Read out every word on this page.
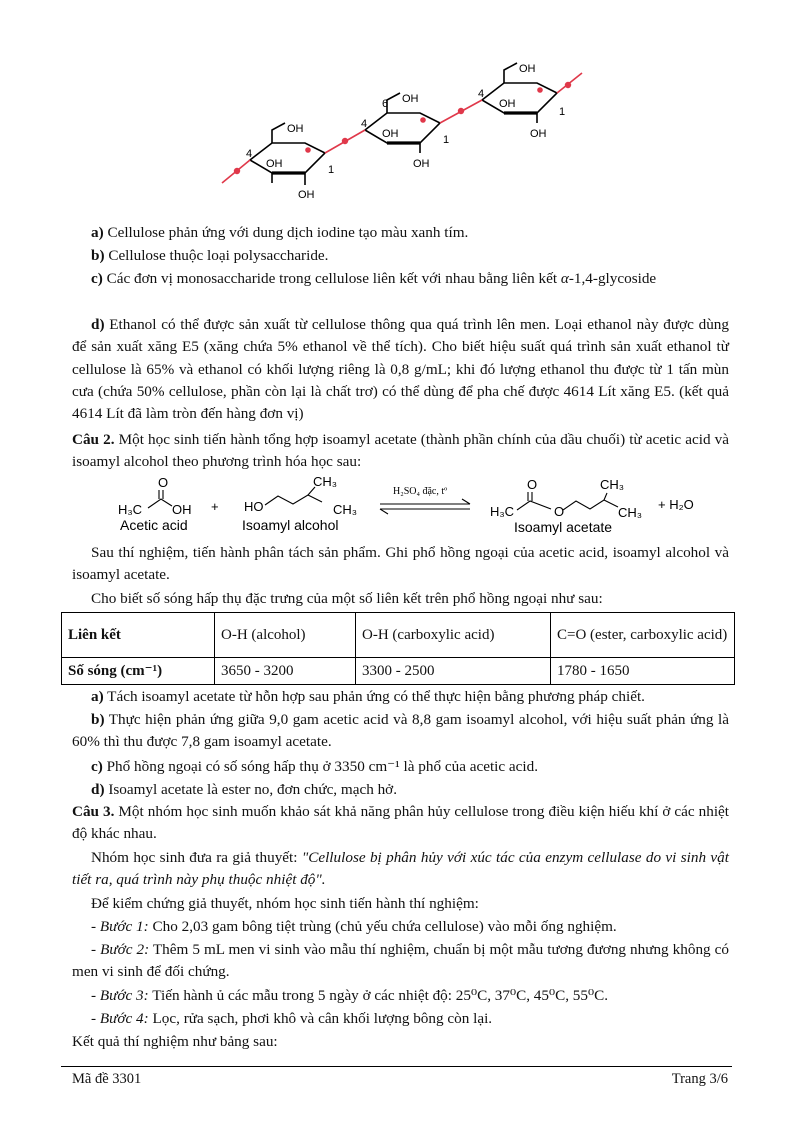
OH
OH
OH
4
1
OH
OH
OH
4
6
1
OH
OH
OH
4
1

a) Cellulose phản ứng với dung dịch iodine tạo màu xanh tím.

b) Cellulose thuộc loại polysaccharide.

c) Các đơn vị monosaccharide trong cellulose liên kết với nhau bằng liên kết α-1,4-glycoside

d) Ethanol có thể được sản xuất từ cellulose thông qua quá trình lên men. Loại ethanol này được dùng để sản xuất xăng E5 (xăng chứa 5% ethanol về thể tích). Cho biết hiệu suất quá trình sản xuất ethanol từ cellulose là 65% và ethanol có khối lượng riêng là 0,8 g/mL; khi đó lượng ethanol thu được từ 1 tấn mùn cưa (chứa 50% cellulose, phần còn lại là chất trơ) có thể dùng để pha chế được 4614 Lít xăng E5. (kết quả 4614 Lít đã làm tròn đến hàng đơn vị)

Câu 2. Một học sinh tiến hành tổng hợp isoamyl acetate (thành phần chính của dầu chuối) từ acetic acid và isoamyl alcohol theo phương trình hóa học sau:

H₃C
O
OH
Acetic acid
+ HO
CH₃
CH₃
Isoamyl alcohol
H₂SO₄ đặc, tº
H₃C
O
O
CH₃
CH₃
Isoamyl acetate
+ H₂O

Sau thí nghiệm, tiến hành phân tách sản phẩm. Ghi phổ hồng ngoại của acetic acid, isoamyl alcohol và isoamyl acetate.

Cho biết số sóng hấp thụ đặc trưng của một số liên kết trên phổ hồng ngoại như sau:

Liên kết	O-H (alcohol)	O-H (carboxylic acid)	C=O (ester, carboxylic acid)
Số sóng (cm⁻¹)	3650 - 3200	3300 - 2500	1780 - 1650

a) Tách isoamyl acetate từ hỗn hợp sau phản ứng có thể thực hiện bằng phương pháp chiết.

b) Thực hiện phản ứng giữa 9,0 gam acetic acid và 8,8 gam isoamyl alcohol, với hiệu suất phản ứng là 60% thì thu được 7,8 gam isoamyl acetate.

c) Phổ hồng ngoại có số sóng hấp thụ ở 3350 cm⁻¹ là phổ của acetic acid.

d) Isoamyl acetate là ester no, đơn chức, mạch hở.

Câu 3. Một nhóm học sinh muốn khảo sát khả năng phân hủy cellulose trong điều kiện hiếu khí ở các nhiệt độ khác nhau.

Nhóm học sinh đưa ra giả thuyết: "Cellulose bị phân hủy với xúc tác của enzym cellulase do vi sinh vật tiết ra, quá trình này phụ thuộc nhiệt độ".

Để kiểm chứng giả thuyết, nhóm học sinh tiến hành thí nghiệm:

- Bước 1: Cho 2,03 gam bông tiệt trùng (chủ yếu chứa cellulose) vào mỗi ống nghiệm.

- Bước 2: Thêm 5 mL men vi sinh vào mẫu thí nghiệm, chuẩn bị một mẫu tương đương nhưng không có men vi sinh để đối chứng.

- Bước 3: Tiến hành ủ các mẫu trong 5 ngày ở các nhiệt độ: 25⁰C, 37⁰C, 45⁰C, 55⁰C.

- Bước 4: Lọc, rửa sạch, phơi khô và cân khối lượng bông còn lại.

Kết quả thí nghiệm như bảng sau:

Mã đề 3301	Trang 3/6
